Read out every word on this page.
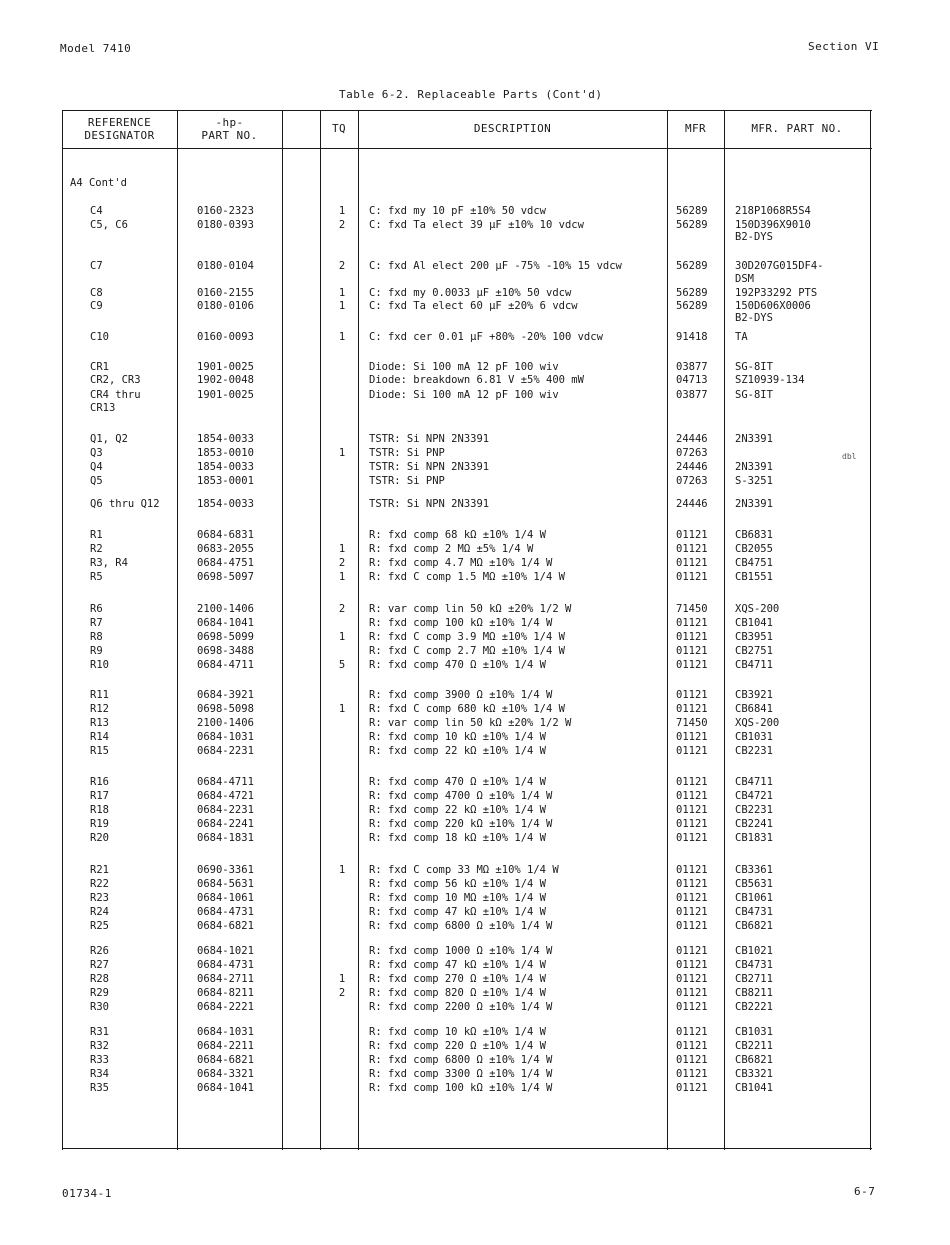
Model 7410	Section VI
Table 6-2. Replaceable Parts (Cont'd)
REFERENCE
DESIGNATOR
-hp-
PART NO.
TQ	DESCRIPTION	MFR	MFR. PART NO.
A4 Cont'd
C4	0160-2323	1	C: fxd my 10 pF ±10% 50 vdcw	56289	218P1068R5S4
C5, C6	0180-0393	2	C: fxd Ta elect 39 µF ±10% 10 vdcw	56289	150D396X9010
B2-DYS
C7	0180-0104	2	C: fxd Al elect 200 µF -75% -10% 15 vdcw	56289	30D207G015DF4-
DSM
C8	0160-2155	1	C: fxd my 0.0033 µF ±10% 50 vdcw	56289	192P33292 PTS
C9	0180-0106	1	C: fxd Ta elect 60 µF ±20% 6 vdcw	56289	150D606X0006
B2-DYS
C10	0160-0093	1	C: fxd cer 0.01 µF +80% -20% 100 vdcw	91418	TA
CR1	1901-0025	Diode: Si 100 mA 12 pF 100 wiv	03877	SG-8IT
CR2, CR3	1902-0048	Diode: breakdown 6.81 V ±5% 400 mW	04713	SZ10939-134
CR4 thru	1901-0025	Diode: Si 100 mA 12 pF 100 wiv	03877	SG-8IT
CR13
Q1, Q2	1854-0033	TSTR: Si NPN 2N3391	24446	2N3391
Q3	1853-0010	1	TSTR: Si PNP	07263
Q4	1854-0033	TSTR: Si NPN 2N3391	24446	2N3391
Q5	1853-0001	TSTR: Si PNP	07263	S-3251
Q6 thru Q12	1854-0033	TSTR: Si NPN 2N3391	24446	2N3391
R1	0684-6831	R: fxd comp 68 kΩ ±10% 1/4 W	01121	CB6831
R2	0683-2055	1	R: fxd comp 2 MΩ ±5% 1/4 W	01121	CB2055
R3, R4	0684-4751	2	R: fxd comp 4.7 MΩ ±10% 1/4 W	01121	CB4751
R5	0698-5097	1	R: fxd C comp 1.5 MΩ ±10% 1/4 W	01121	CB1551
R6	2100-1406	2	R: var comp lin 50 kΩ ±20% 1/2 W	71450	XQS-200
R7	0684-1041	R: fxd comp 100 kΩ ±10% 1/4 W	01121	CB1041
R8	0698-5099	1	R: fxd C comp 3.9 MΩ ±10% 1/4 W	01121	CB3951
R9	0698-3488	R: fxd C comp 2.7 MΩ ±10% 1/4 W	01121	CB2751
R10	0684-4711	5	R: fxd comp 470 Ω ±10% 1/4 W	01121	CB4711
R11	0684-3921	R: fxd comp 3900 Ω ±10% 1/4 W	01121	CB3921
R12	0698-5098	1	R: fxd C comp 680 kΩ ±10% 1/4 W	01121	CB6841
R13	2100-1406	R: var comp lin 50 kΩ ±20% 1/2 W	71450	XQS-200
R14	0684-1031	R: fxd comp 10 kΩ ±10% 1/4 W	01121	CB1031
R15	0684-2231	R: fxd comp 22 kΩ ±10% 1/4 W	01121	CB2231
R16	0684-4711	R: fxd comp 470 Ω ±10% 1/4 W	01121	CB4711
R17	0684-4721	R: fxd comp 4700 Ω ±10% 1/4 W	01121	CB4721
R18	0684-2231	R: fxd comp 22 kΩ ±10% 1/4 W	01121	CB2231
R19	0684-2241	R: fxd comp 220 kΩ ±10% 1/4 W	01121	CB2241
R20	0684-1831	R: fxd comp 18 kΩ ±10% 1/4 W	01121	CB1831
R21	0690-3361	1	R: fxd C comp 33 MΩ ±10% 1/4 W	01121	CB3361
R22	0684-5631	R: fxd comp 56 kΩ ±10% 1/4 W	01121	CB5631
R23	0684-1061	R: fxd comp 10 MΩ ±10% 1/4 W	01121	CB1061
R24	0684-4731	R: fxd comp 47 kΩ ±10% 1/4 W	01121	CB4731
R25	0684-6821	R: fxd comp 6800 Ω ±10% 1/4 W	01121	CB6821
R26	0684-1021	R: fxd comp 1000 Ω ±10% 1/4 W	01121	CB1021
R27	0684-4731	R: fxd comp 47 kΩ ±10% 1/4 W	01121	CB4731
R28	0684-2711	1	R: fxd comp 270 Ω ±10% 1/4 W	01121	CB2711
R29	0684-8211	2	R: fxd comp 820 Ω ±10% 1/4 W	01121	CB8211
R30	0684-2221	R: fxd comp 2200 Ω ±10% 1/4 W	01121	CB2221
R31	0684-1031	R: fxd comp 10 kΩ ±10% 1/4 W	01121	CB1031
R32	0684-2211	R: fxd comp 220 Ω ±10% 1/4 W	01121	CB2211
R33	0684-6821	R: fxd comp 6800 Ω ±10% 1/4 W	01121	CB6821
R34	0684-3321	R: fxd comp 3300 Ω ±10% 1/4 W	01121	CB3321
R35	0684-1041	R: fxd comp 100 kΩ ±10% 1/4 W	01121	CB1041
dbl
01734-1	6-7
